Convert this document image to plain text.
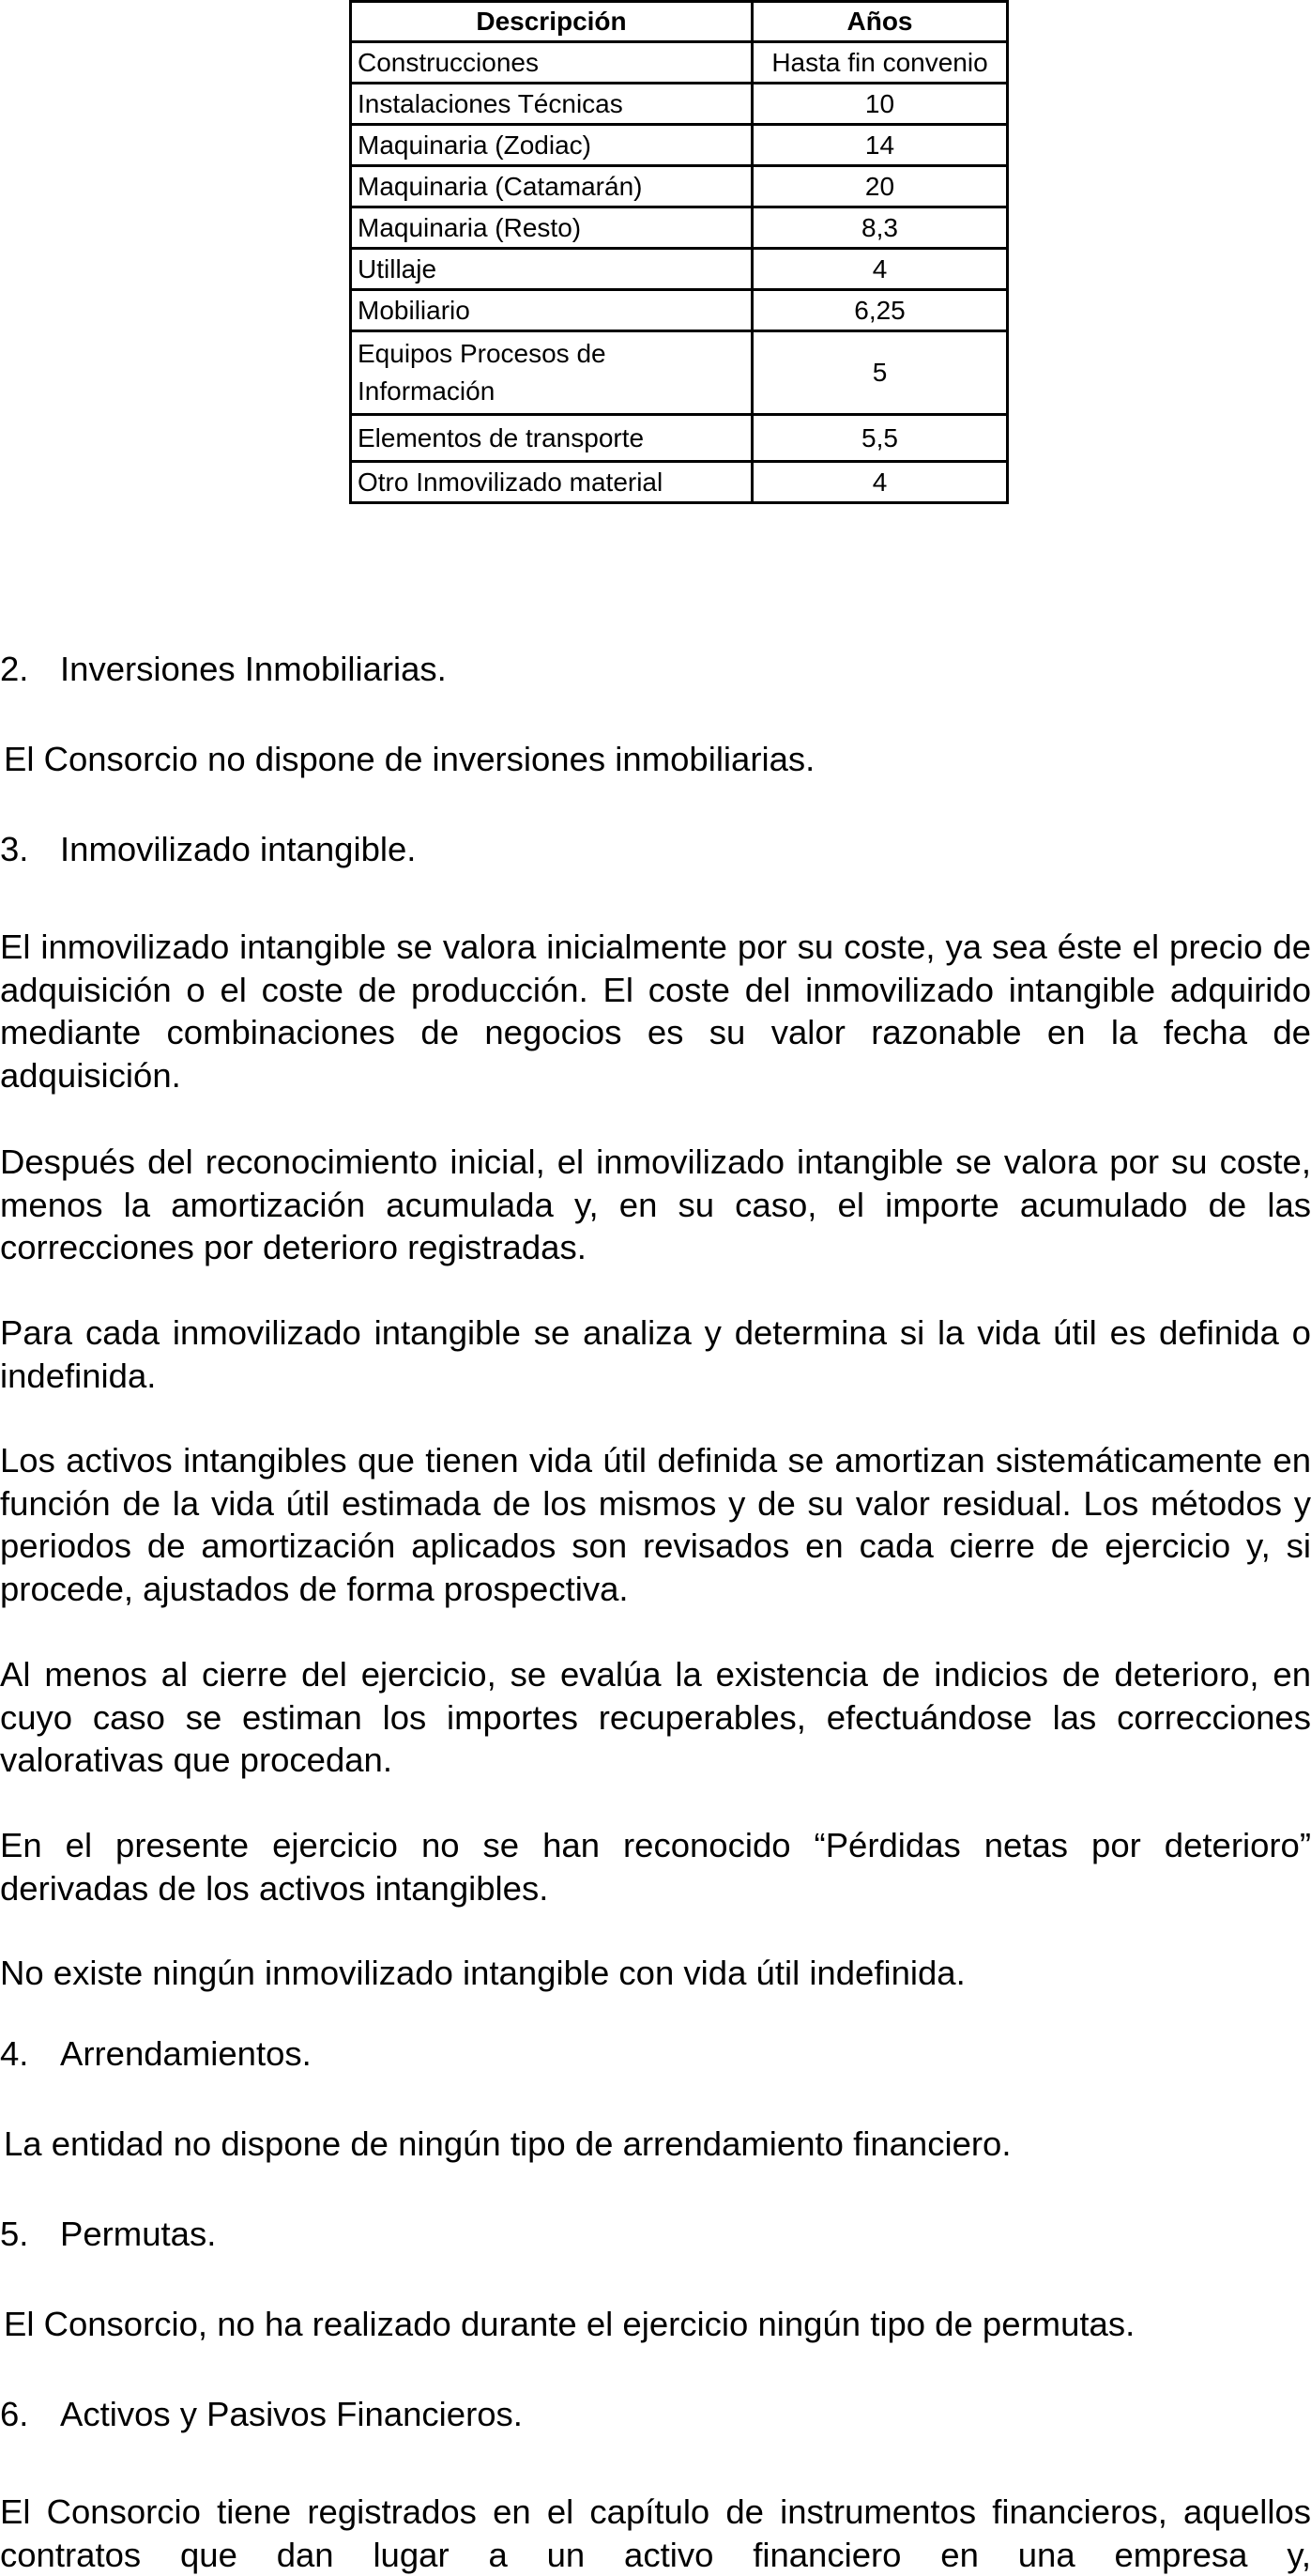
Descripción	Años
Construcciones	Hasta fin convenio
Instalaciones Técnicas	10
Maquinaria (Zodiac)	14
Maquinaria (Catamarán)	20
Maquinaria (Resto)	8,3
Utillaje	4
Mobiliario	6,25
Equipos Procesos de Información	5
Elementos de transporte	5,5
Otro Inmovilizado material	4

2. Inversiones Inmobiliarias.

El Consorcio no dispone de inversiones inmobiliarias.

3. Inmovilizado intangible.

El inmovilizado intangible se valora inicialmente por su coste, ya sea éste el precio de adquisición o el coste de producción. El coste del inmovilizado intangible adquirido mediante combinaciones de negocios es su valor razonable en la fecha de adquisición.

Después del reconocimiento inicial, el inmovilizado intangible se valora por su coste, menos la amortización acumulada y, en su caso, el importe acumulado de las correcciones por deterioro registradas.

Para cada inmovilizado intangible se analiza y determina si la vida útil es definida o indefinida.

Los activos intangibles que tienen vida útil definida se amortizan sistemáticamente en función de la vida útil estimada de los mismos y de su valor residual. Los métodos y periodos de amortización aplicados son revisados en cada cierre de ejercicio y, si procede, ajustados de forma prospectiva.

Al menos al cierre del ejercicio, se evalúa la existencia de indicios de deterioro, en cuyo caso se estiman los importes recuperables, efectuándose las correcciones valorativas que procedan.

En el presente ejercicio no se han reconocido “Pérdidas netas por deterioro” derivadas de los activos intangibles.

No existe ningún inmovilizado intangible con vida útil indefinida.

4. Arrendamientos.

La entidad no dispone de ningún tipo de arrendamiento financiero.

5. Permutas.

El Consorcio, no ha realizado durante el ejercicio ningún tipo de permutas.

6. Activos y Pasivos Financieros.

El Consorcio tiene registrados en el capítulo de instrumentos financieros, aquellos contratos que dan lugar a un activo financiero en una empresa y,
